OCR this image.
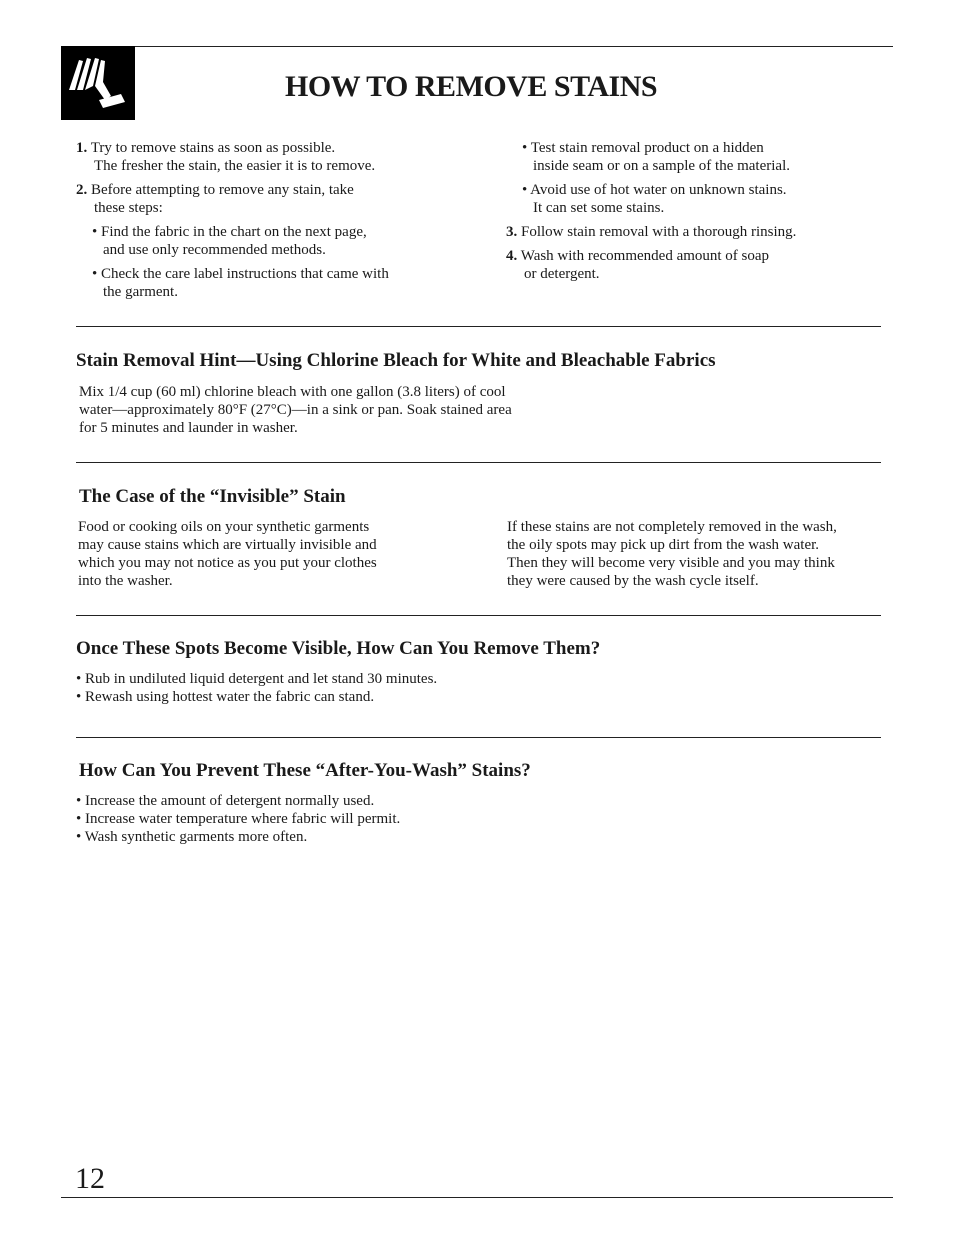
HOW TO REMOVE STAINS

1. Try to remove stains as soon as possible.

The fresher the stain, the easier it is to remove.

2. Before attempting to remove any stain, take

these steps:

• Find the fabric in the chart on the next page,

and use only recommended methods.

• Check the care label instructions that came with

the garment.

• Test stain removal product on a hidden

inside seam or on a sample of the material.

• Avoid use of hot water on unknown stains.

It can set some stains.

3. Follow stain removal with a thorough rinsing.

4. Wash with recommended amount of soap

or detergent.

Stain Removal Hint—Using Chlorine Bleach for White and Bleachable Fabrics

Mix 1/4 cup (60 ml) chlorine bleach with one gallon (3.8 liters) of cool

water—approximately 80°F (27°C)—in a sink or pan. Soak stained area

for 5 minutes and launder in washer.

The Case of the “Invisible” Stain

Food or cooking oils on your synthetic garments

may cause stains which are virtually invisible and

which you may not notice as you put your clothes

into the washer.

If these stains are not completely removed in the wash,

the oily spots may pick up dirt from the wash water.

Then they will become very visible and you may think

they were caused by the wash cycle itself.

Once These Spots Become Visible, How Can You Remove Them?

• Rub in undiluted liquid detergent and let stand 30 minutes.

• Rewash using hottest water the fabric can stand.

How Can You Prevent These “After-You-Wash” Stains?

• Increase the amount of detergent normally used.

• Increase water temperature where fabric will permit.

• Wash synthetic garments more often.

12
